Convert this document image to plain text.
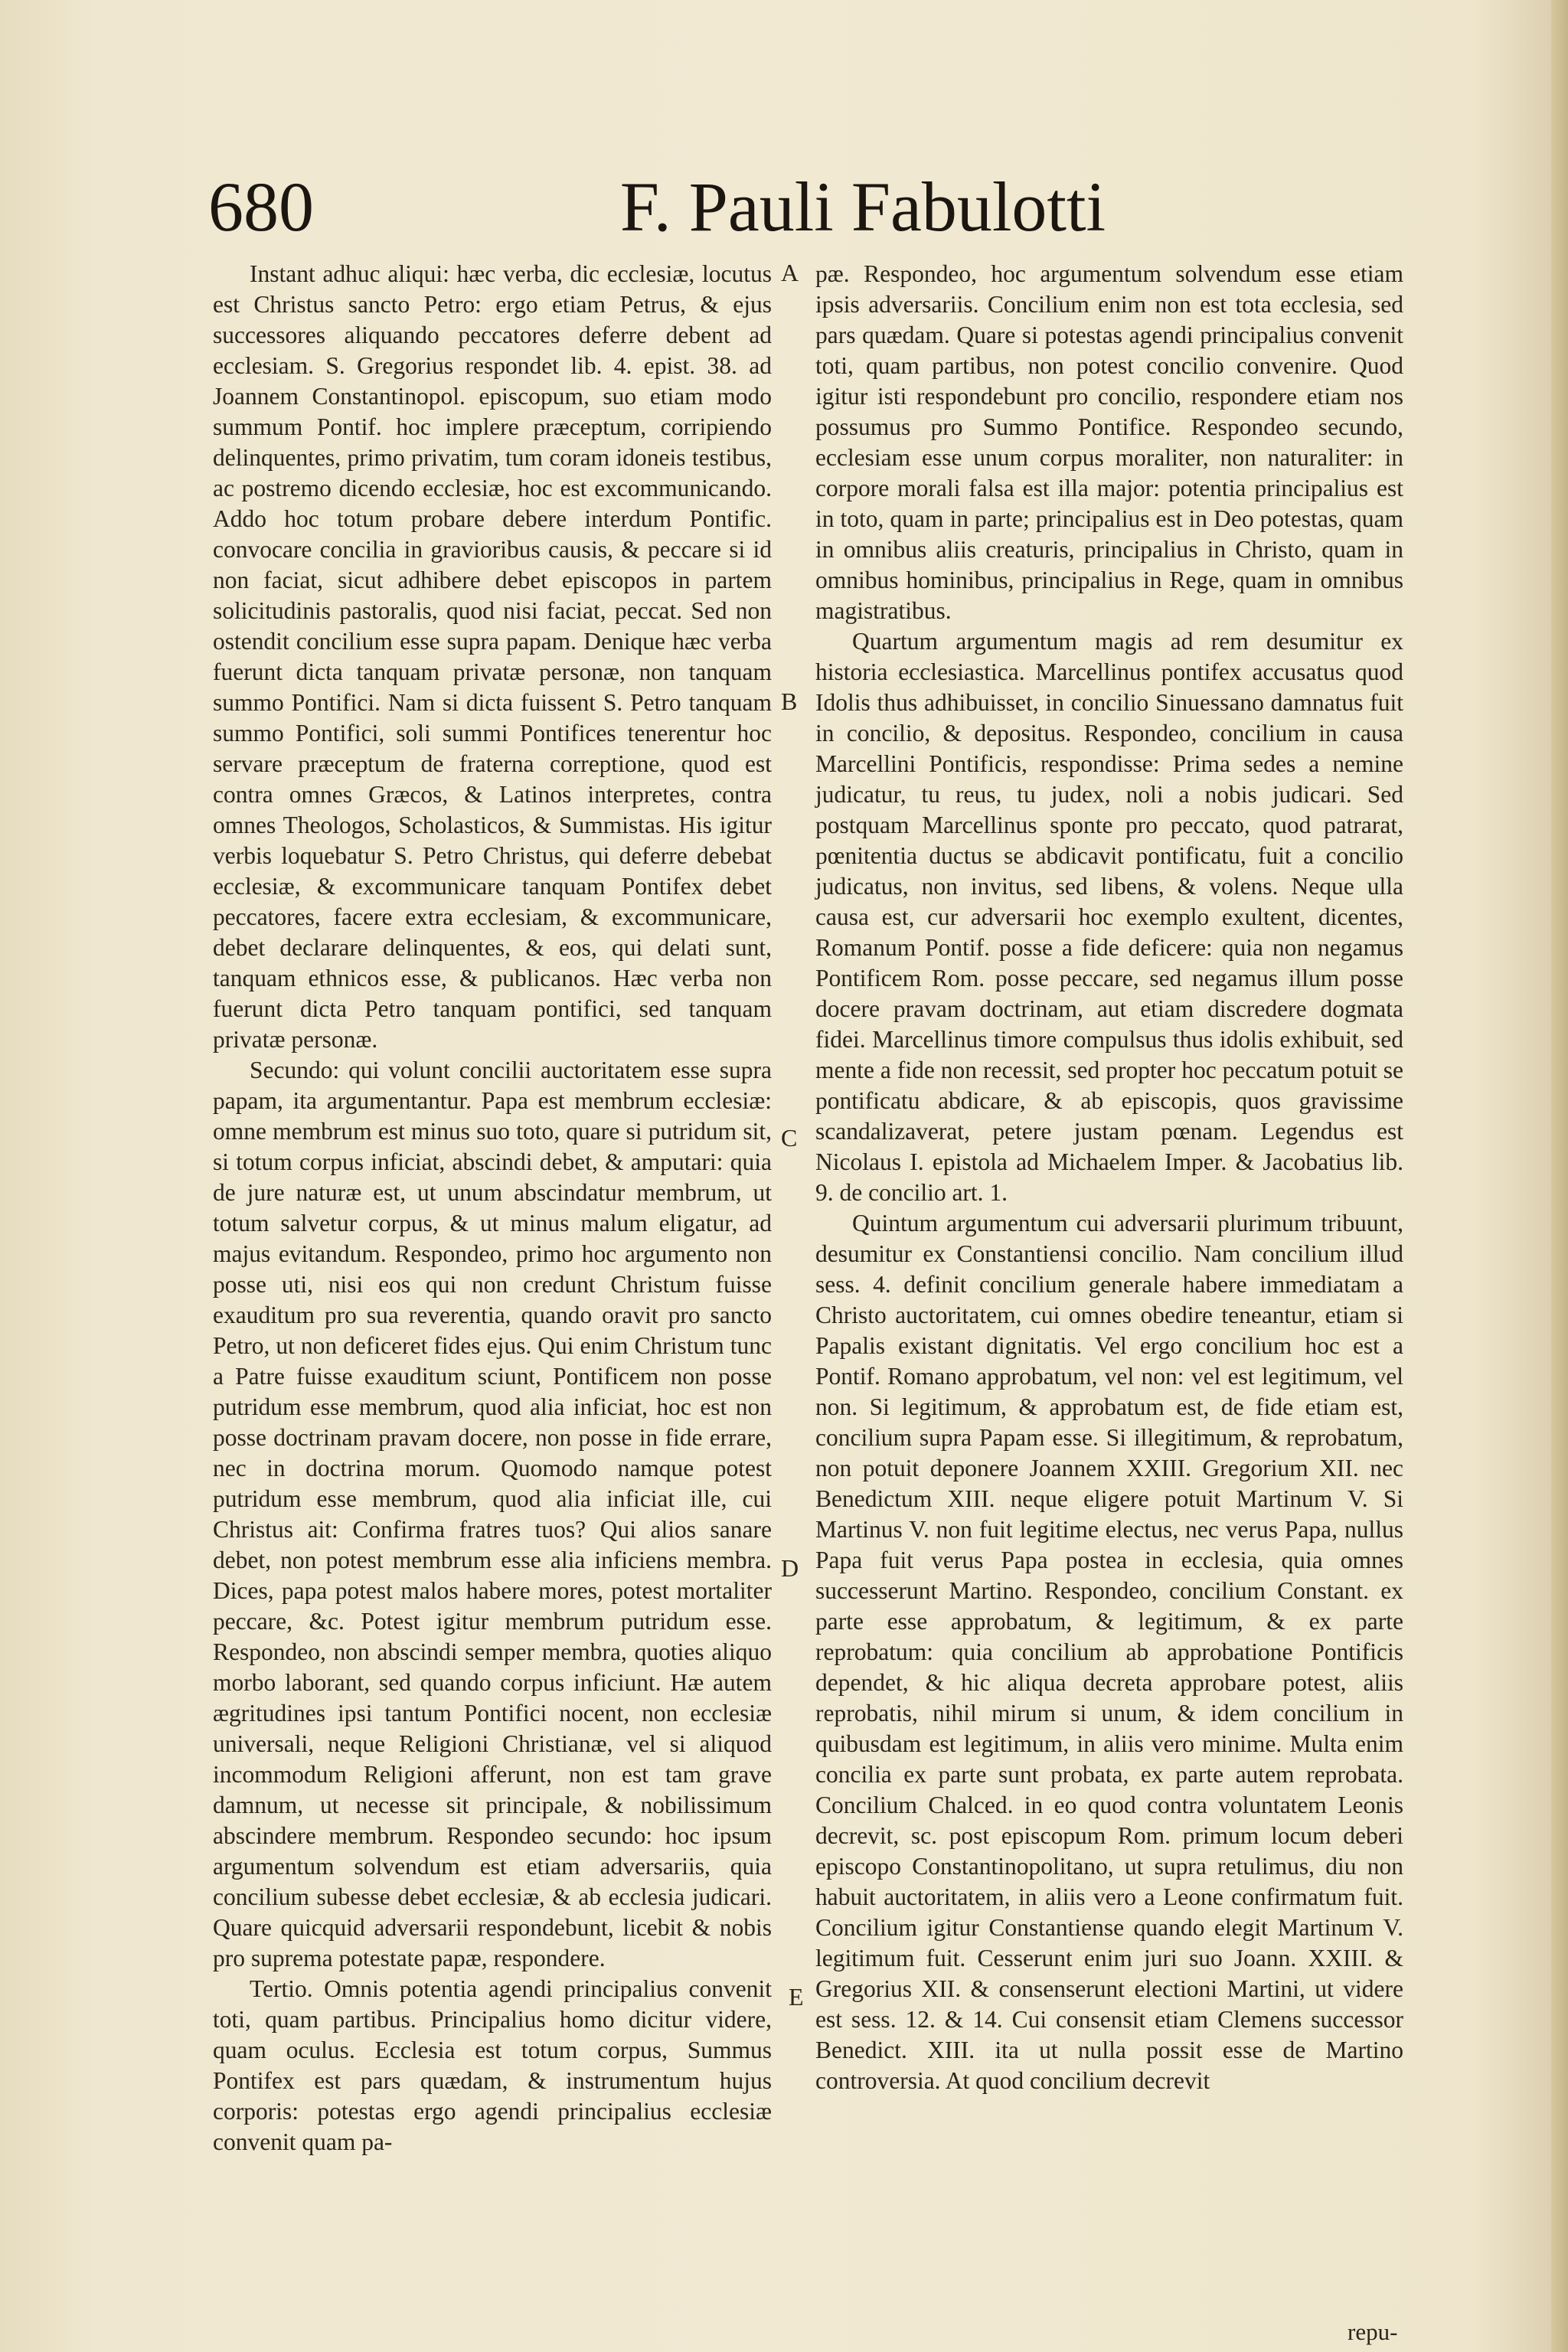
680	F. Pauli Fabulotti

Instant adhuc aliqui: hæc verba, dic ecclesiæ, locutus est Christus sancto Petro: ergo etiam Petrus, & ejus successores aliquando peccatores deferre debent ad ecclesiam. S. Gregorius respondet lib. 4. epist. 38. ad Joannem Constantinopol. episcopum, suo etiam modo summum Pontif. hoc implere præceptum, corripiendo delinquentes, primo privatim, tum coram idoneis testibus, ac postremo dicendo ecclesiæ, hoc est excommunicando. Addo hoc totum probare debere interdum Pontific. convocare concilia in gravioribus causis, & peccare si id non faciat, sicut adhibere debet episcopos in partem solicitudinis pastoralis, quod nisi faciat, peccat. Sed non ostendit concilium esse supra papam. Denique hæc verba fuerunt dicta tanquam privatæ personæ, non tanquam summo Pontifici. Nam si dicta fuissent S. Petro tanquam summo Pontifici, soli summi Pontifices tenerentur hoc servare præceptum de fraterna correptione, quod est contra omnes Græcos, & Latinos interpretes, contra omnes Theologos, Scholasticos, & Summistas. His igitur verbis loquebatur S. Petro Christus, qui deferre debebat ecclesiæ, & excommunicare tanquam Pontifex debet peccatores, facere extra ecclesiam, & excommunicare, debet declarare delinquentes, & eos, qui delati sunt, tanquam ethnicos esse, & publicanos. Hæc verba non fuerunt dicta Petro tanquam pontifici, sed tanquam privatæ personæ.

Secundo: qui volunt concilii auctoritatem esse supra papam, ita argumentantur. Papa est membrum ecclesiæ: omne membrum est minus suo toto, quare si putridum sit, si totum corpus inficiat, abscindi debet, & amputari: quia de jure naturæ est, ut unum abscindatur membrum, ut totum salvetur corpus, & ut minus malum eligatur, ad majus evitandum. Respondeo, primo hoc argumento non posse uti, nisi eos qui non credunt Christum fuisse exauditum pro sua reverentia, quando oravit pro sancto Petro, ut non deficeret fides ejus. Qui enim Christum tunc a Patre fuisse exauditum sciunt, Pontificem non posse putridum esse membrum, quod alia inficiat, hoc est non posse doctrinam pravam docere, non posse in fide errare, nec in doctrina morum. Quomodo namque potest putridum esse membrum, quod alia inficiat ille, cui Christus ait: Confirma fratres tuos? Qui alios sanare debet, non potest membrum esse alia inficiens membra. Dices, papa potest malos habere mores, potest mortaliter peccare, &c. Potest igitur membrum putridum esse. Respondeo, non abscindi semper membra, quoties aliquo morbo laborant, sed quando corpus inficiunt. Hæ autem ægritudines ipsi tantum Pontifici nocent, non ecclesiæ universali, neque Religioni Christianæ, vel si aliquod incommodum Religioni afferunt, non est tam grave damnum, ut necesse sit principale, & nobilissimum abscindere membrum. Respondeo secundo: hoc ipsum argumentum solvendum est etiam adversariis, quia concilium subesse debet ecclesiæ, & ab ecclesia judicari. Quare quicquid adversarii respondebunt, licebit & nobis pro suprema potestate papæ, respondere.

Tertio. Omnis potentia agendi principalius convenit toti, quam partibus. Principalius homo dicitur videre, quam oculus. Ecclesia est totum corpus, Summus Pontifex est pars quædam, & instrumentum hujus corporis: potestas ergo agendi principalius ecclesiæ convenit quam pa-

A
B
C
D
E

pæ. Respondeo, hoc argumentum solvendum esse etiam ipsis adversariis. Concilium enim non est tota ecclesia, sed pars quædam. Quare si potestas agendi principalius convenit toti, quam partibus, non potest concilio convenire. Quod igitur isti respondebunt pro concilio, respondere etiam nos possumus pro Summo Pontifice. Respondeo secundo, ecclesiam esse unum corpus moraliter, non naturaliter: in corpore morali falsa est illa major: potentia principalius est in toto, quam in parte; principalius est in Deo potestas, quam in omnibus aliis creaturis, principalius in Christo, quam in omnibus hominibus, principalius in Rege, quam in omnibus magistratibus.

Quartum argumentum magis ad rem desumitur ex historia ecclesiastica. Marcellinus pontifex accusatus quod Idolis thus adhibuisset, in concilio Sinuessano damnatus fuit in concilio, & depositus. Respondeo, concilium in causa Marcellini Pontificis, respondisse: Prima sedes a nemine judicatur, tu reus, tu judex, noli a nobis judicari. Sed postquam Marcellinus sponte pro peccato, quod patrarat, pœnitentia ductus se abdicavit pontificatu, fuit a concilio judicatus, non invitus, sed libens, & volens. Neque ulla causa est, cur adversarii hoc exemplo exultent, dicentes, Romanum Pontif. posse a fide deficere: quia non negamus Pontificem Rom. posse peccare, sed negamus illum posse docere pravam doctrinam, aut etiam discredere dogmata fidei. Marcellinus timore compulsus thus idolis exhibuit, sed mente a fide non recessit, sed propter hoc peccatum potuit se pontificatu abdicare, & ab episcopis, quos gravissime scandalizaverat, petere justam pœnam. Legendus est Nicolaus I. epistola ad Michaelem Imper. & Jacobatius lib. 9. de concilio art. 1.

Quintum argumentum cui adversarii plurimum tribuunt, desumitur ex Constantiensi concilio. Nam concilium illud sess. 4. definit concilium generale habere immediatam a Christo auctoritatem, cui omnes obedire teneantur, etiam si Papalis existant dignitatis. Vel ergo concilium hoc est a Pontif. Romano approbatum, vel non: vel est legitimum, vel non. Si legitimum, & approbatum est, de fide etiam est, concilium supra Papam esse. Si illegitimum, & reprobatum, non potuit deponere Joannem XXIII. Gregorium XII. nec Benedictum XIII. neque eligere potuit Martinum V. Si Martinus V. non fuit legitime electus, nec verus Papa, nullus Papa fuit verus Papa postea in ecclesia, quia omnes successerunt Martino. Respondeo, concilium Constant. ex parte esse approbatum, & legitimum, & ex parte reprobatum: quia concilium ab approbatione Pontificis dependet, & hic aliqua decreta approbare potest, aliis reprobatis, nihil mirum si unum, & idem concilium in quibusdam est legitimum, in aliis vero minime. Multa enim concilia ex parte sunt probata, ex parte autem reprobata. Concilium Chalced. in eo quod contra voluntatem Leonis decrevit, sc. post episcopum Rom. primum locum deberi episcopo Constantinopolitano, ut supra retulimus, diu non habuit auctoritatem, in aliis vero a Leone confirmatum fuit. Concilium igitur Constantiense quando elegit Martinum V. legitimum fuit. Cesserunt enim juri suo Joann. XXIII. & Gregorius XII. & consenserunt electioni Martini, ut videre est sess. 12. & 14. Cui consensit etiam Clemens successor Benedict. XIII. ita ut nulla possit esse de Martino controversia. At quod concilium decrevit

repu-
